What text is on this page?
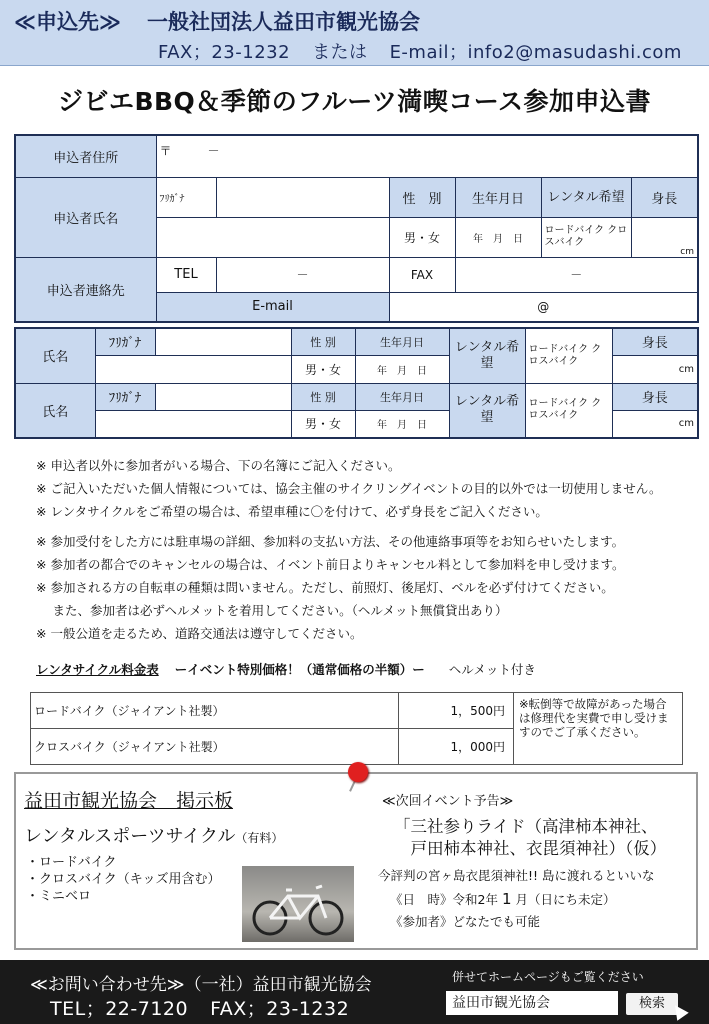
≪申込先≫ 一般社団法人益田市観光協会
FAX；23-1232 または E-mail；info2@masudashi.com
ジビエBBQ＆季節のフルーツ満喫コース参加申込書
申込者住所	〒　　　－					
申込者氏名	ﾌﾘｶﾞﾅ		性　別	生年月日	レンタル希望	身長
			男・女	年　月　日	ロードバイク クロスバイク	cm
申込者連絡先	TEL	－	FAX	－		
	E-mail		@			
氏名	ﾌﾘｶﾞﾅ		性 別	生年月日	レンタル希望	ロードバイク クロスバイク	身長
			男・女	年　月　日			cm
氏名	ﾌﾘｶﾞﾅ		性 別	生年月日	レンタル希望	ロードバイク クロスバイク	身長
			男・女	年　月　日			cm
※ 申込者以外に参加者がいる場合、下の名簿にご記入ください。
※ ご記入いただいた個人情報については、協会主催のサイクリングイベントの目的以外では一切使用しません。
※ レンタサイクルをご希望の場合は、希望車種に〇を付けて、必ず身長をご記入ください。
※ 参加受付をした方には駐車場の詳細、参加料の支払い方法、その他連絡事項等をお知らせいたします。
※ 参加者の都合でのキャンセルの場合は、イベント前日よりキャンセル料として参加料を申し受けます。
※ 参加される方の自転車の種類は問いません。ただし、前照灯、後尾灯、ベルを必ず付けてください。
　 また、参加者は必ずヘルメットを着用してください。（ヘルメット無償貸出あり）
※ 一般公道を走るため、道路交通法は遵守してください。
レンタサイクル料金表 ーイベント特別価格！（通常価格の半額）ー ヘルメット付き
ロードバイク（ジャイアント社製）	1，500円	※転倒等で故障があった場合は修理代を実費で申し受けますのでご了承ください。
クロスバイク（ジャイアント社製）	1，000円	
益田市観光協会　掲示板
レンタルスポーツサイクル（有料）
・ロードバイク
・クロスバイク（キッズ用含む）
・ミニベロ
≪次回イベント予告≫
「三社参りライド（高津柿本神社、
　戸田柿本神社、衣毘須神社）（仮）
今評判の宮ヶ島衣毘須神社!! 島に渡れるといいな
《日　時》令和2年 1 月（日にち未定）
《参加者》どなたでも可能
≪お問い合わせ先≫（一社）益田市観光協会
TEL；22-7120 FAX；23-1232
併せてホームページもご覧ください
益田市観光協会	検索
